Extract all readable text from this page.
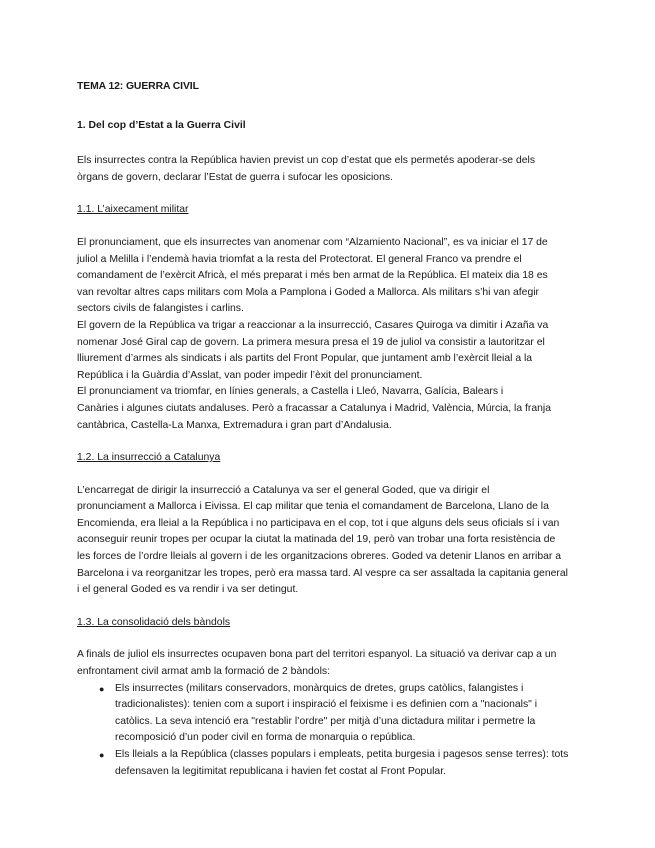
TEMA 12: GUERRA CIVIL
1. Del cop d’Estat a la Guerra Civil

Els insurrectes contra la República havien previst un cop d’estat que els permetés apoderar-se dels
òrgans de govern, declarar l’Estat de guerra i sufocar les oposicions.

1.1. L’aixecament militar

El pronunciament, que els insurrectes van anomenar com “Alzamiento Nacional”, es va iniciar el 17 de
juliol a Melilla i l’endemà havia triomfat a la resta del Protectorat. El general Franco va prendre el
comandament de l’exèrcit Africà, el més preparat i més ben armat de la República. El mateix dia 18 es
van revoltar altres caps militars com Mola a Pamplona i Goded a Mallorca. Als militars s’hi van afegir
sectors civils de falangistes i carlins.
El govern de la República va trigar a reaccionar a la insurrecció, Casares Quiroga va dimitir i Azaña va
nomenar José Giral cap de govern. La primera mesura presa el 19 de juliol va consistir a lautoritzar el
lliurement d’armes als sindicats i als partits del Front Popular, que juntament amb l’exèrcit lleial a la
República i la Guàrdia d’Asslat, van poder impedir l’èxit del pronunciament.
El pronunciament va triomfar, en línies generals, a Castella i Lleó, Navarra, Galícia, Balears i
Canàries i algunes ciutats andaluses. Però a fracassar a Catalunya i Madrid, València, Múrcia, la franja
cantàbrica, Castella-La Manxa, Extremadura i gran part d’Andalusia.

1.2. La insurrecció a Catalunya

L’encarregat de dirigir la insurrecció a Catalunya va ser el general Goded, que va dirigir el
pronunciament a Mallorca i Eivissa. El cap militar que tenia el comandament de Barcelona, Llano de la
Encomienda, era lleial a la República i no participava en el cop, tot i que alguns dels seus oficials sí i van
aconseguir reunir tropes per ocupar la ciutat la matinada del 19, però van trobar una forta resistència de
les forces de l’ordre lleials al govern i de les organitzacions obreres. Goded va detenir Llanos en arribar a
Barcelona i va reorganitzar les tropes, però era massa tard. Al vespre ca ser assaltada la capitania general
i el general Goded es va rendir i va ser detingut.

1.3. La consolidació dels bàndols

A finals de juliol els insurrectes ocupaven bona part del territori espanyol. La situació va derivar cap a un
enfrontament civil armat amb la formació de 2 bàndols:

● Els insurrectes (militars conservadors, monàrquics de dretes, grups catòlics, falangistes i
tradicionalistes): tenien com a suport i inspiració el feixisme i es definien com a "nacionals" i
catòlics. La seva intenció era "restablir l’ordre" per mitjà d’una dictadura militar i permetre la
recomposició d’un poder civil en forma de monarquia o república.
● Els lleials a la República (classes populars i empleats, petita burgesia i pagesos sense terres): tots
defensaven la legitimitat republicana i havien fet costat al Front Popular.
